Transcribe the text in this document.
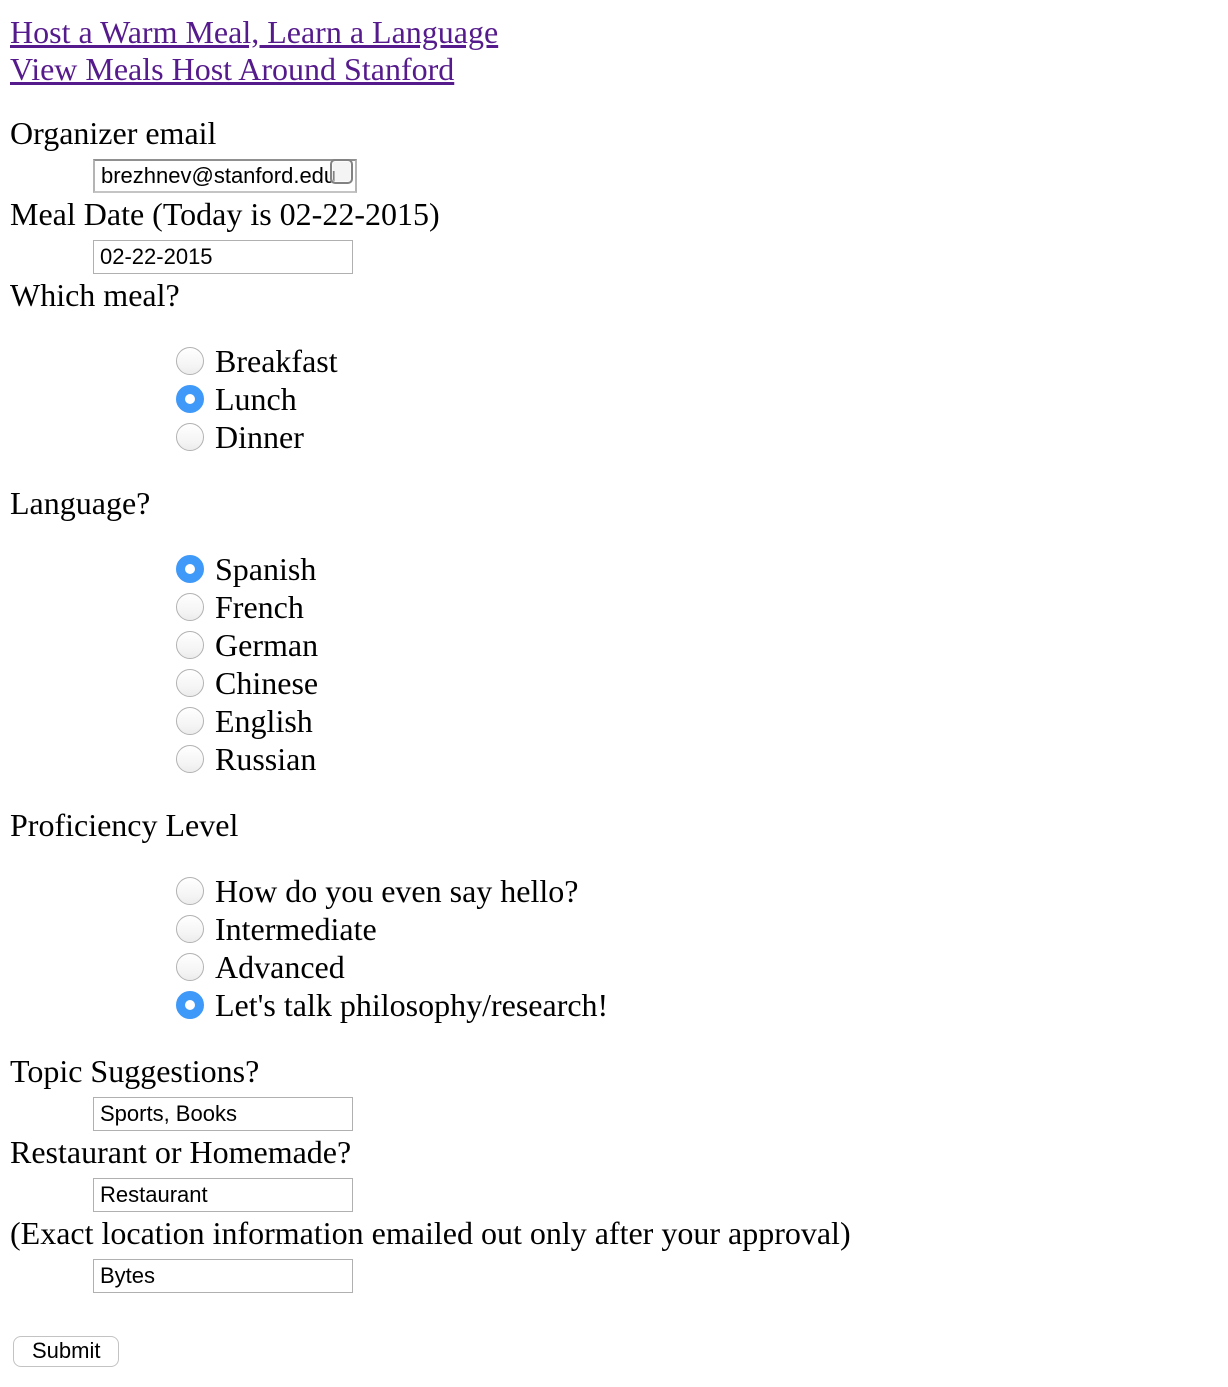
Host a Warm Meal, Learn a Language
View Meals Host Around Stanford
Organizer email
brezhnev@stanford.edu
Meal Date (Today is 02-22-2015)
02-22-2015
Which meal?
Breakfast
Lunch
Dinner
Language?
Spanish
French
German
Chinese
English
Russian
Proficiency Level
How do you even say hello?
Intermediate
Advanced
Let's talk philosophy/research!
Topic Suggestions?
Sports, Books
Restaurant or Homemade?
Restaurant
(Exact location information emailed out only after your approval)
Bytes
Submit
